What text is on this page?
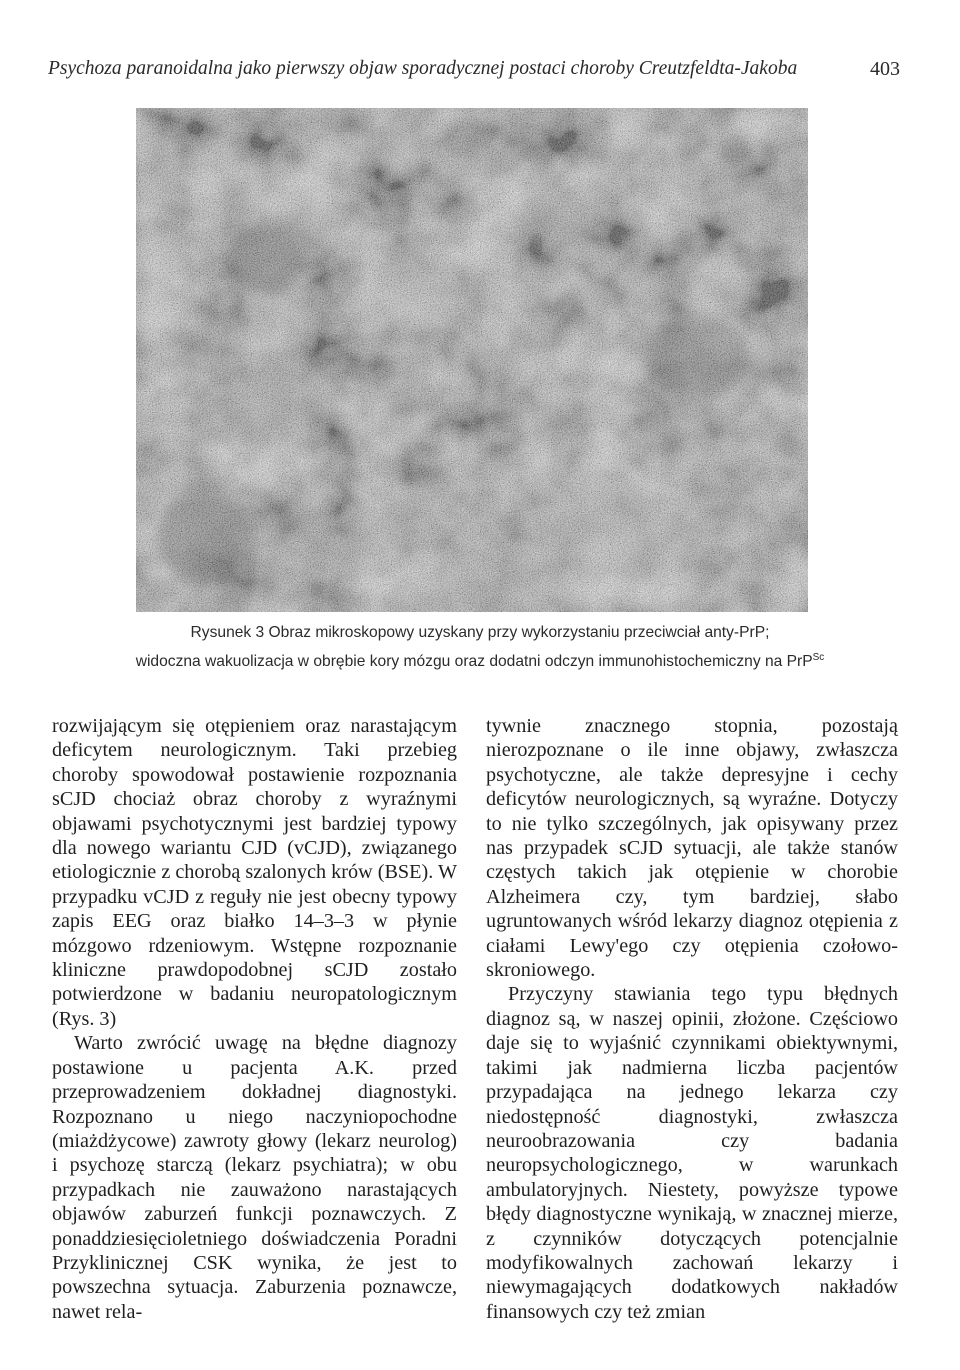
Psychoza paranoidalna jako pierwszy objaw sporadycznej postaci choroby Creutzfeldta-Jakoba	403
Rysunek 3 Obraz mikroskopowy uzyskany przy wykorzystaniu przeciwciał anty-PrP;
widoczna wakuolizacja w obrębie kory mózgu oraz dodatni odczyn immunohistochemiczny na PrP$^{Sc}$

rozwijającym się otępieniem oraz narastającym deficytem neurologicznym. Taki przebieg choroby spowodował postawienie rozpoznania sCJD chociaż obraz choroby z wyraźnymi objawami psychotycznymi jest bardziej typowy dla nowego wariantu CJD (vCJD), związanego etiologicznie z chorobą szalonych krów (BSE). W przypadku vCJD z reguły nie jest obecny typowy zapis EEG oraz białko 14–3–3 w płynie mózgowo rdzeniowym. Wstępne rozpoznanie kliniczne prawdopodobnej sCJD zostało potwierdzone w badaniu neuropatologicznym (Rys. 3)

Warto zwrócić uwagę na błędne diagnozy postawione u pacjenta A.K. przed przeprowadzeniem dokładnej diagnostyki. Rozpoznano u niego naczyniopochodne (miażdżycowe) zawroty głowy (lekarz neurolog) i psychozę starczą (lekarz psychiatra); w obu przypadkach nie zauważono narastających objawów zaburzeń funkcji poznawczych. Z ponaddziesięcioletniego doświadczenia Poradni Przyklinicznej CSK wynika, że jest to powszechna sytuacja. Zaburzenia poznawcze, nawet rela-

tywnie znacznego stopnia, pozostają nierozpoznane o ile inne objawy, zwłaszcza psychotyczne, ale także depresyjne i cechy deficytów neurologicznych, są wyraźne. Dotyczy to nie tylko szczególnych, jak opisywany przez nas przypadek sCJD sytuacji, ale także stanów częstych takich jak otępienie w chorobie Alzheimera czy, tym bardziej, słabo ugruntowanych wśród lekarzy diagnoz otępienia z ciałami Lewy'ego czy otępienia czołowo-skroniowego.

Przyczyny stawiania tego typu błędnych diagnoz są, w naszej opinii, złożone. Częściowo daje się to wyjaśnić czynnikami obiektywnymi, takimi jak nadmierna liczba pacjentów przypadająca na jednego lekarza czy niedostępność diagnostyki, zwłaszcza neuroobrazowania czy badania neuropsychologicznego, w warunkach ambulatoryjnych. Niestety, powyższe typowe błędy diagnostyczne wynikają, w znacznej mierze, z czynników dotyczących potencjalnie modyfikowalnych zachowań lekarzy i niewymagających dodatkowych nakładów finansowych czy też zmian
